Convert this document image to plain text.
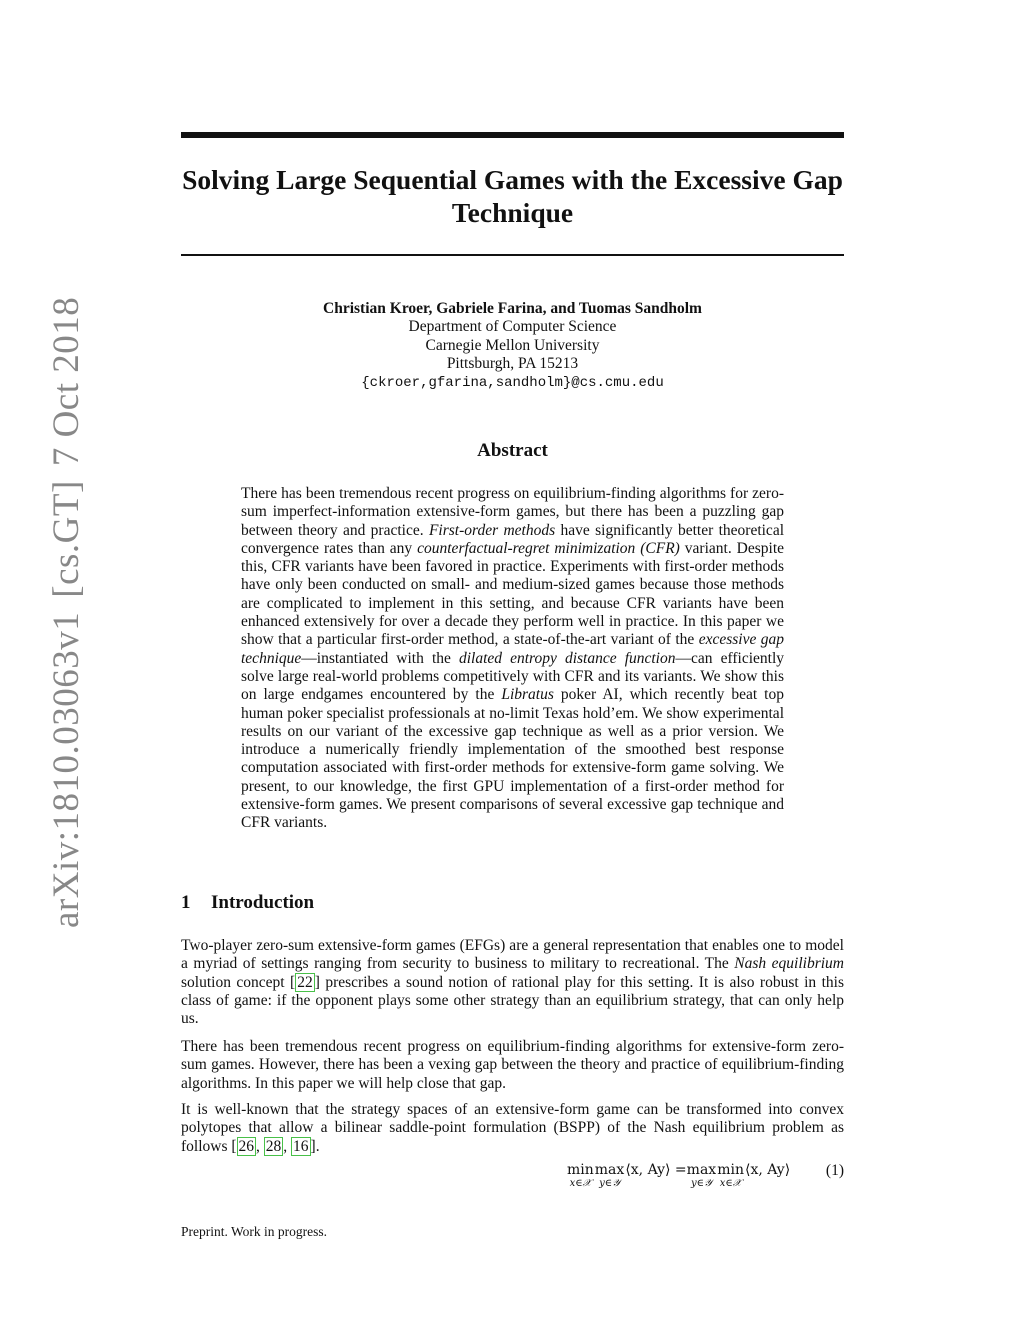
arXiv:1810.03063v1[cs.GT]7 Oct 2018
Solving Large Sequential Games with the Excessive Gap Technique
Christian Kroer, Gabriele Farina, and Tuomas Sandholm
Department of Computer Science
Carnegie Mellon University
Pittsburgh, PA 15213
{ckroer,gfarina,sandholm}@cs.cmu.edu
Abstract

There has been tremendous recent progress on equilibrium-finding algorithms for zero-sum imperfect-information extensive-form games, but there has been a puzzling gap between theory and practice. First-order methods have significantly better theoretical convergence rates than any counterfactual-regret minimization (CFR) variant. Despite this, CFR variants have been favored in practice. Experiments with first-order methods have only been conducted on small- and medium-sized games because those methods are complicated to implement in this setting, and because CFR variants have been enhanced extensively for over a decade they perform well in practice. In this paper we show that a particular first-order method, a state-of-the-art variant of the excessive gap technique—instantiated with the dilated entropy distance function—can efficiently solve large real-world problems competitively with CFR and its variants. We show this on large endgames encountered by the Libratus poker AI, which recently beat top human poker specialist professionals at no-limit Texas hold’em. We show experimental results on our variant of the excessive gap technique as well as a prior version. We introduce a numerically friendly implementation of the smoothed best response computation associated with first-order methods for extensive-form game solving. We present, to our knowledge, the first GPU implementation of a first-order method for extensive-form games. We present comparisons of several excessive gap technique and CFR variants.

1 Introduction

Two-player zero-sum extensive-form games (EFGs) are a general representation that enables one to model a myriad of settings ranging from security to business to military to recreational. The Nash equilibrium solution concept [ 22 ] prescribes a sound notion of rational play for this setting. It is also robust in this class of game: if the opponent plays some other strategy than an equilibrium strategy, that can only help us.

There has been tremendous recent progress on equilibrium-finding algorithms for extensive-form zero-sum games. However, there has been a vexing gap between the theory and practice of equilibrium-finding algorithms. In this paper we will help close that gap.

It is well-known that the strategy spaces of an extensive-form game can be transformed into convex polytopes that allow a bilinear saddle-point formulation (BSPP) of the Nash equilibrium problem as follows [ 26 , 28 , 16 ].

min
x∈𝒳
max
y∈𝒴
⟨x, Ay⟩ =max
y∈𝒴
min
x∈𝒳
⟨x, Ay⟩ (1)

Preprint. Work in progress.
